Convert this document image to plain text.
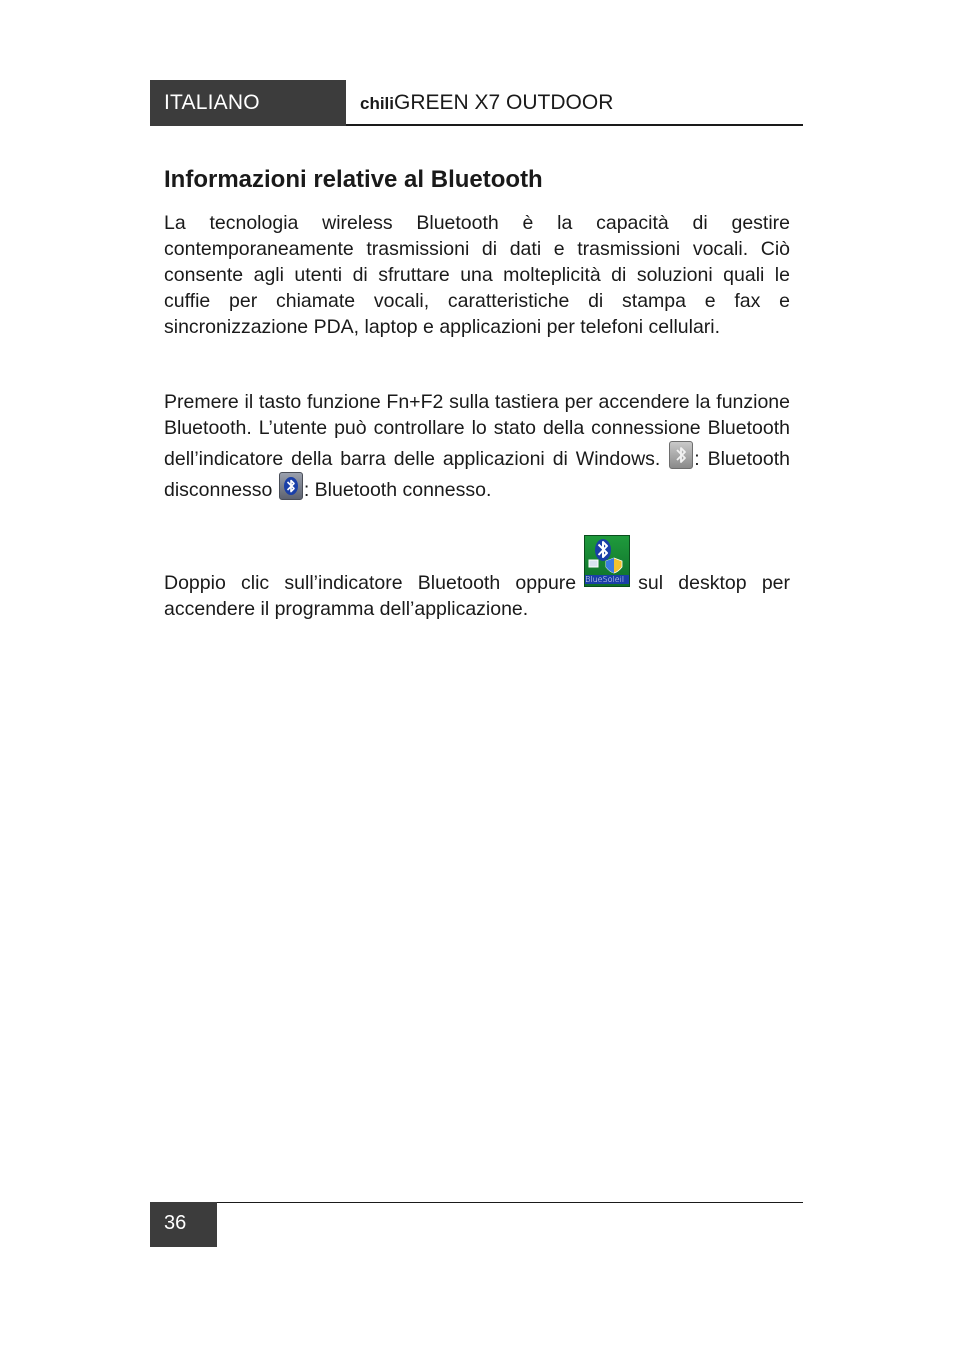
ITALIANO	chiliGREEN X7 OUTDOOR
Informazioni relative al Bluetooth

La tecnologia wireless Bluetooth è la capacità di gestire contemporaneamente trasmissioni di dati e trasmissioni vocali. Ciò consente agli utenti di sfruttare una molteplicità di soluzioni quali le cuffie per chiamate vocali, caratteristiche di stampa e fax e sincronizzazione PDA, laptop e applicazioni per telefoni cellulari.

Premere il tasto funzione Fn+F2 sulla tastiera per accendere la funzione Bluetooth. L’utente può controllare lo stato della connessione Bluetooth dell’indicatore della barra delle applicazioni di Windows.
: Bluetooth disconnesso
: Bluetooth connesso.

Doppio clic sull’indicatore Bluetooth oppure BlueSoleil sul desktop per accendere il programma dell’applicazione.

36
